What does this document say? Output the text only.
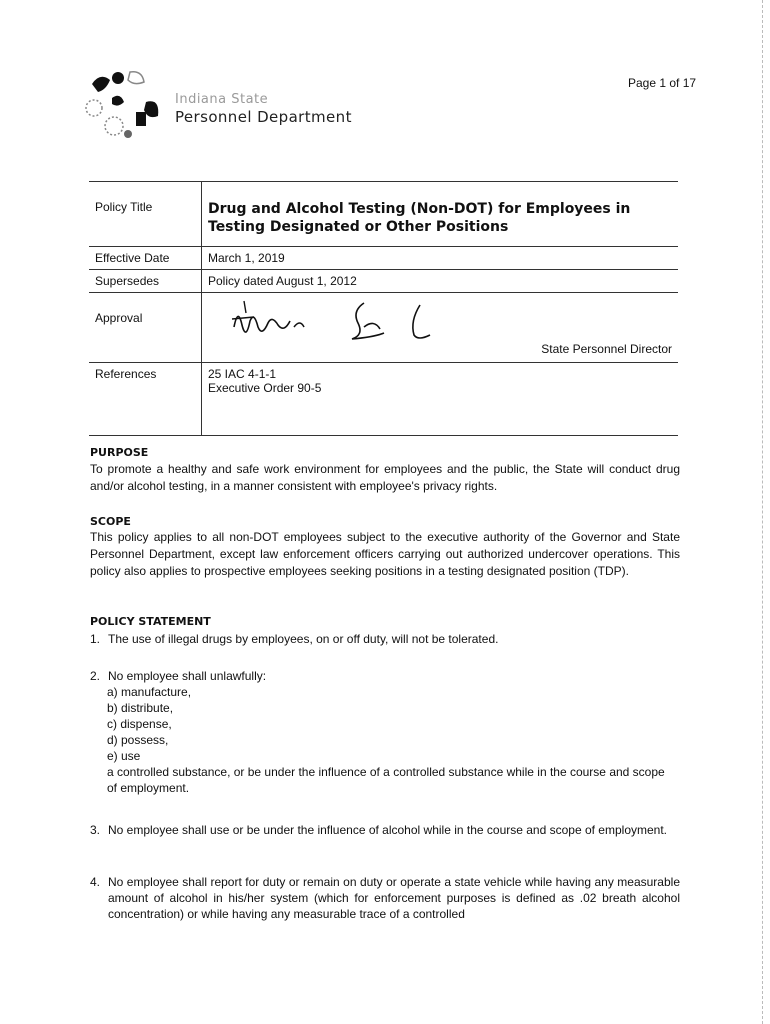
Indiana State
Personnel Department
Page 1 of 17
Policy Title	Drug and Alcohol Testing (Non-DOT) for Employees in Testing Designated or Other Positions

Effective Date	March 1, 2019
Supersedes	Policy dated August 1, 2012
Approval	State Personnel Director

References	25 IAC 4-1-1
Executive Order 90-5
PURPOSE
To promote a healthy and safe work environment for employees and the public, the State will conduct drug and/or alcohol testing, in a manner consistent with employee's privacy rights.
SCOPE
This policy applies to all non-DOT employees subject to the executive authority of the Governor and State Personnel Department, except law enforcement officers carrying out authorized undercover operations. This policy also applies to prospective employees seeking positions in a testing designated position (TDP).
POLICY STATEMENT
1. The use of illegal drugs by employees, on or off duty, will not be tolerated.
2. No employee shall unlawfully:
a) manufacture,
b) distribute,
c) dispense,
d) possess,
e) use
a controlled substance, or be under the influence of a controlled substance while in the course and scope of employment.
3. No employee shall use or be under the influence of alcohol while in the course and scope of employment.
4. No employee shall report for duty or remain on duty or operate a state vehicle while having any measurable amount of alcohol in his/her system (which for enforcement purposes is defined as .02 breath alcohol concentration) or while having any measurable trace of a controlled
